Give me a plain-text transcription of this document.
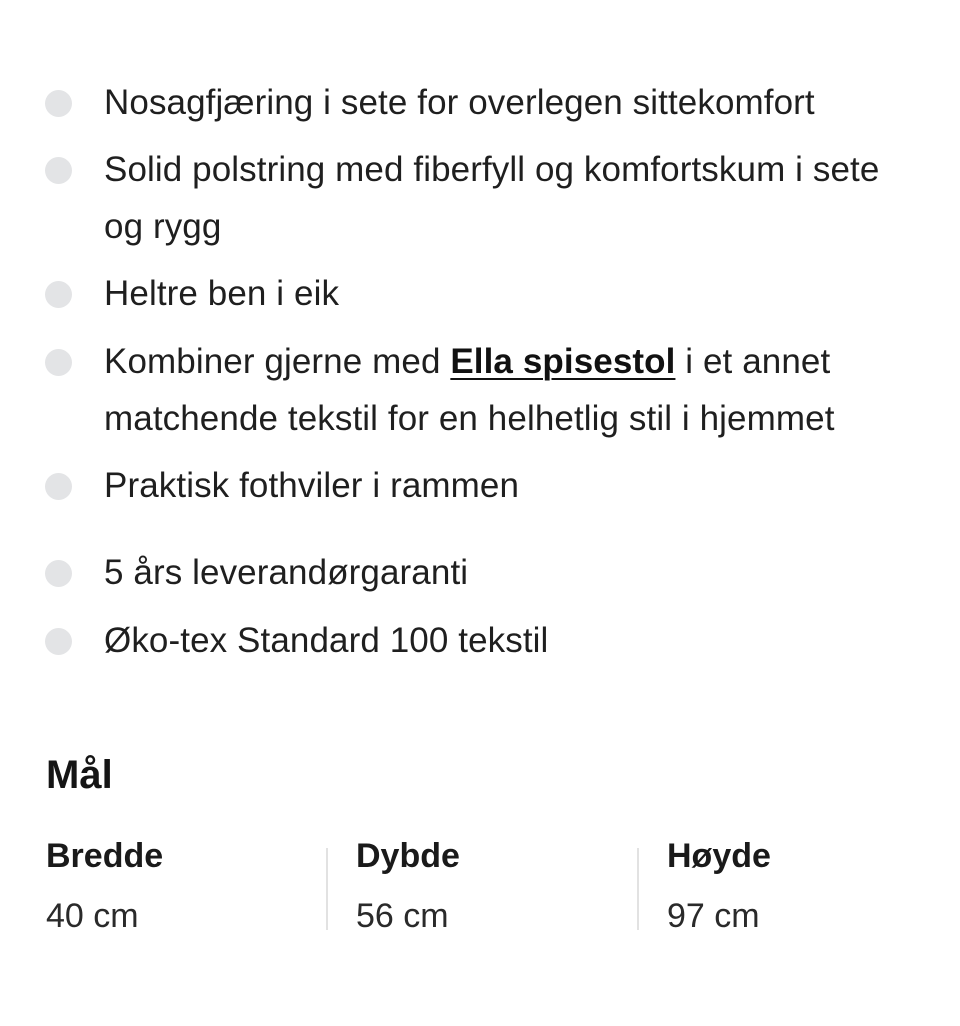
Nosagfjæring i sete for overlegen sittekomfort
Solid polstring med fiberfyll og komfortskum i sete
og rygg
Heltre ben i eik
Kombiner gjerne med Ella spisestol i et annet
matchende tekstil for en helhetlig stil i hjemmet
Praktisk fothviler i rammen
5 års leverandørgaranti
Øko-tex Standard 100 tekstil
Mål
Bredde
40 cm
Dybde
56 cm
Høyde
97 cm
